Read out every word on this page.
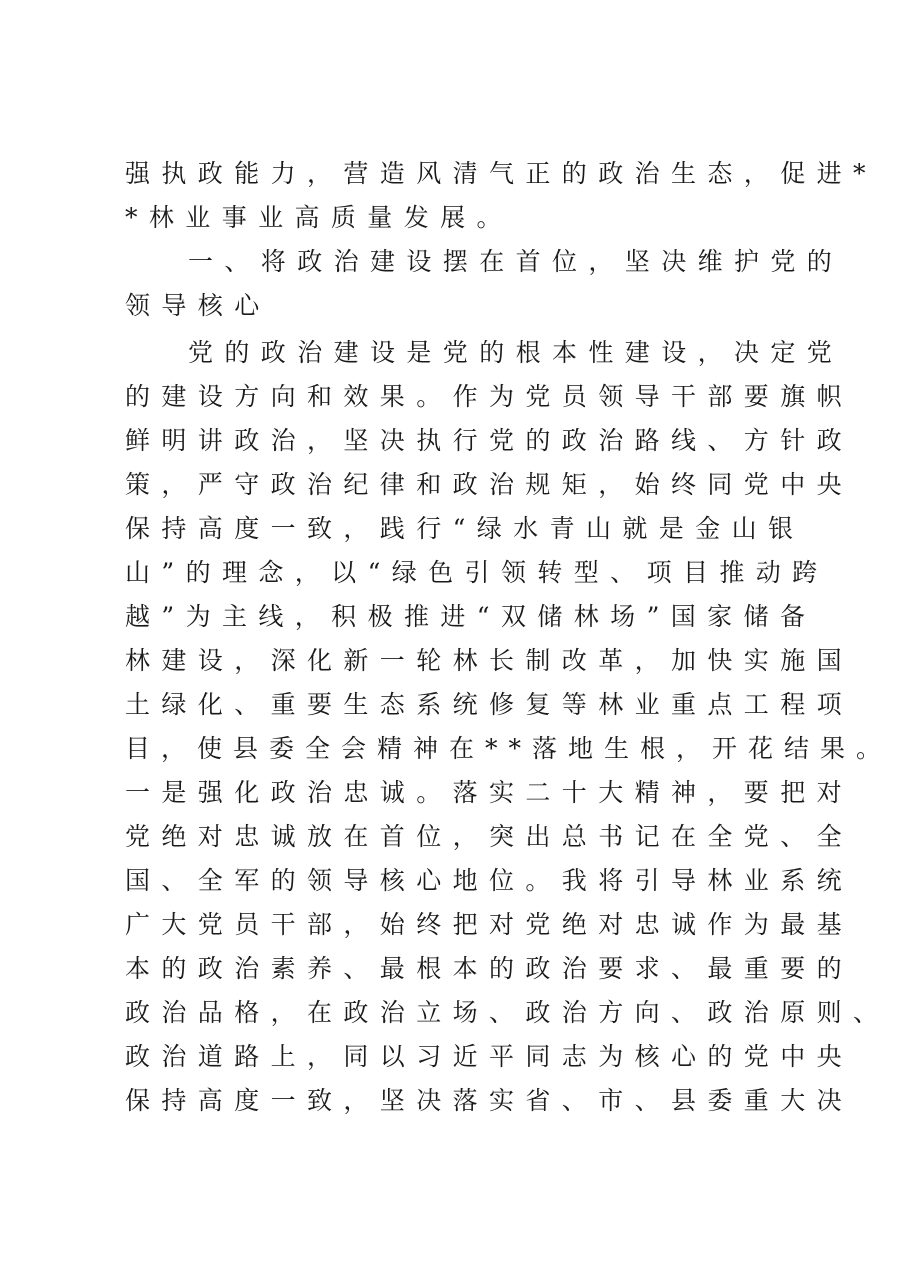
强执政能力，营造风清气正的政治生态，促进*

*林业事业高质量发展。

一、将政治建设摆在首位，坚决维护党的

领导核心

党的政治建设是党的根本性建设，决定党

的建设方向和效果。作为党员领导干部要旗帜

鲜明讲政治，坚决执行党的政治路线、方针政

策，严守政治纪律和政治规矩，始终同党中央

保持高度一致，践行“绿水青山就是金山银

山”的理念，以“绿色引领转型、项目推动跨

越”为主线，积极推进“双储林场”国家储备

林建设，深化新一轮林长制改革，加快实施国

土绿化、重要生态系统修复等林业重点工程项

目，使县委全会精神在**落地生根，开花结果。

一是强化政治忠诚。落实二十大精神，要把对

党绝对忠诚放在首位，突出总书记在全党、全

国、全军的领导核心地位。我将引导林业系统

广大党员干部，始终把对党绝对忠诚作为最基

本的政治素养、最根本的政治要求、最重要的

政治品格，在政治立场、政治方向、政治原则、

政治道路上，同以习近平同志为核心的党中央

保持高度一致，坚决落实省、市、县委重大决
